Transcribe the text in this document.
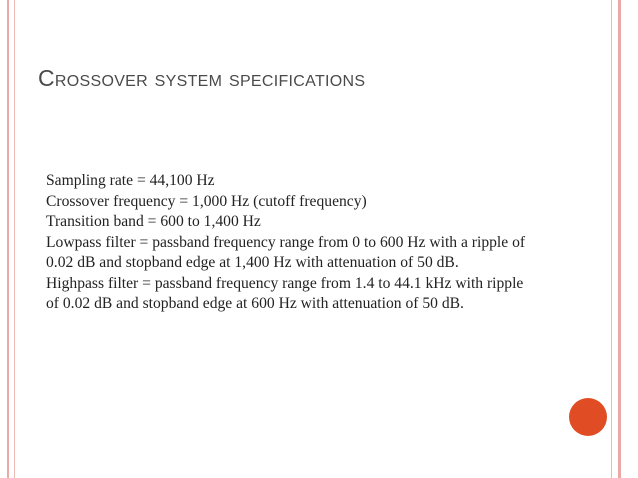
Crossover system specifications
Sampling rate = 44,100 Hz
Crossover frequency = 1,000 Hz (cutoff frequency)
Transition band = 600 to 1,400 Hz
Lowpass filter = passband frequency range from 0 to 600 Hz with a ripple of
0.02 dB and stopband edge at 1,400 Hz with attenuation of 50 dB.
Highpass filter = passband frequency range from 1.4 to 44.1 kHz with ripple
of 0.02 dB and stopband edge at 600 Hz with attenuation of 50 dB.
